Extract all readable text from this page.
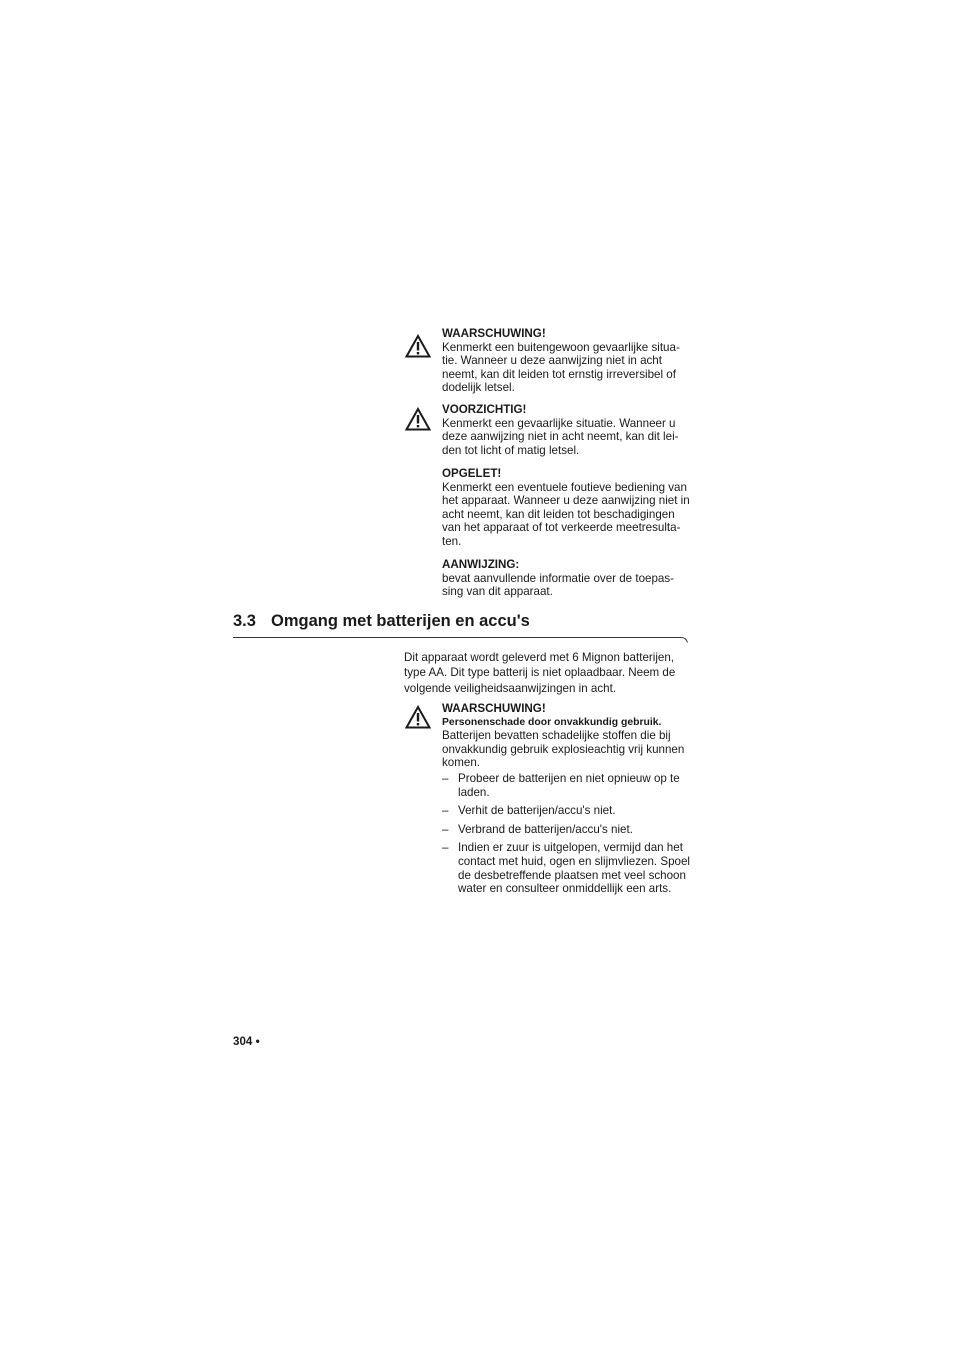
WAARSCHUWING!
Kenmerkt een buitengewoon gevaarlijke situa-
tie. Wanneer u deze aanwijzing niet in acht
neemt, kan dit leiden tot ernstig irreversibel of
dodelijk letsel.
VOORZICHTIG!
Kenmerkt een gevaarlijke situatie. Wanneer u
deze aanwijzing niet in acht neemt, kan dit lei-
den tot licht of matig letsel.
OPGELET!
Kenmerkt een eventuele foutieve bediening van
het apparaat. Wanneer u deze aanwijzing niet in
acht neemt, kan dit leiden tot beschadigingen
van het apparaat of tot verkeerde meetresulta-
ten.
AANWIJZING:
bevat aanvullende informatie over de toepas-
sing van dit apparaat.
3.3 Omgang met batterijen en accu's
Dit apparaat wordt geleverd met 6 Mignon batterijen,
type AA. Dit type batterij is niet oplaadbaar. Neem de
volgende veiligheidsaanwijzingen in acht.
WAARSCHUWING!
Personenschade door onvakkundig gebruik.
Batterijen bevatten schadelijke stoffen die bij
onvakkundig gebruik explosieachtig vrij kunnen
komen.
– Probeer de batterijen en niet opnieuw op te
laden.
– Verhit de batterijen/accu's niet.
– Verbrand de batterijen/accu's niet.
– Indien er zuur is uitgelopen, vermijd dan het
contact met huid, ogen en slijmvliezen. Spoel
de desbetreffende plaatsen met veel schoon
water en consulteer onmiddellijk een arts.
304 •
